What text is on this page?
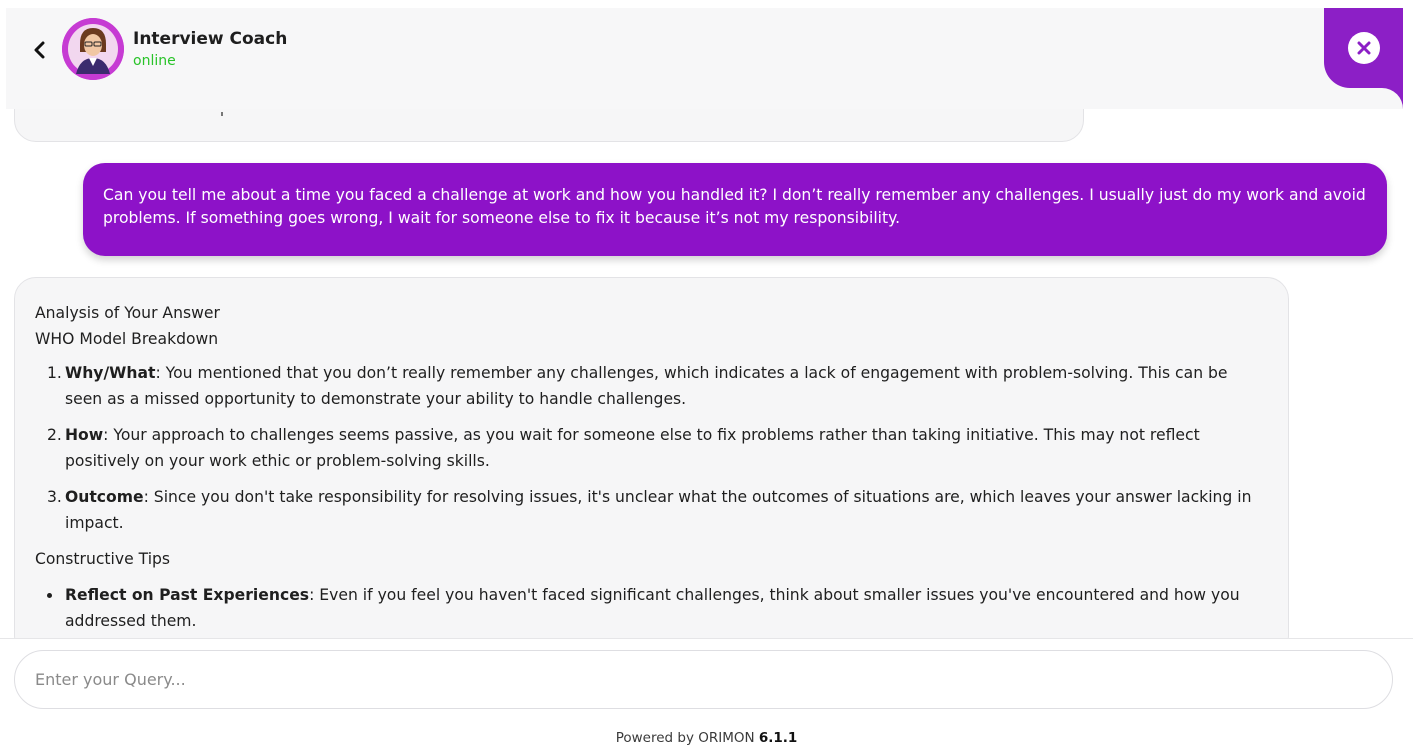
Interview Coach
online
Can you tell me about a time you faced a challenge at work and how you handled it? I don’t really remember any challenges. I usually just do my work and avoid problems. If something goes wrong, I wait for someone else to fix it because it’s not my responsibility.
Analysis of Your Answer
WHO Model Breakdown
1. Why/What: You mentioned that you don’t really remember any challenges, which indicates a lack of engagement with problem-solving. This can be seen as a missed opportunity to demonstrate your ability to handle challenges.
2. How: Your approach to challenges seems passive, as you wait for someone else to fix problems rather than taking initiative. This may not reflect positively on your work ethic or problem-solving skills.
3. Outcome: Since you don't take responsibility for resolving issues, it's unclear what the outcomes of situations are, which leaves your answer lacking in impact.
Constructive Tips
Reflect on Past Experiences: Even if you feel you haven't faced significant challenges, think about smaller issues you've encountered and how you addressed them.
Enter your Query...
Powered by ORIMON 6.1.1
